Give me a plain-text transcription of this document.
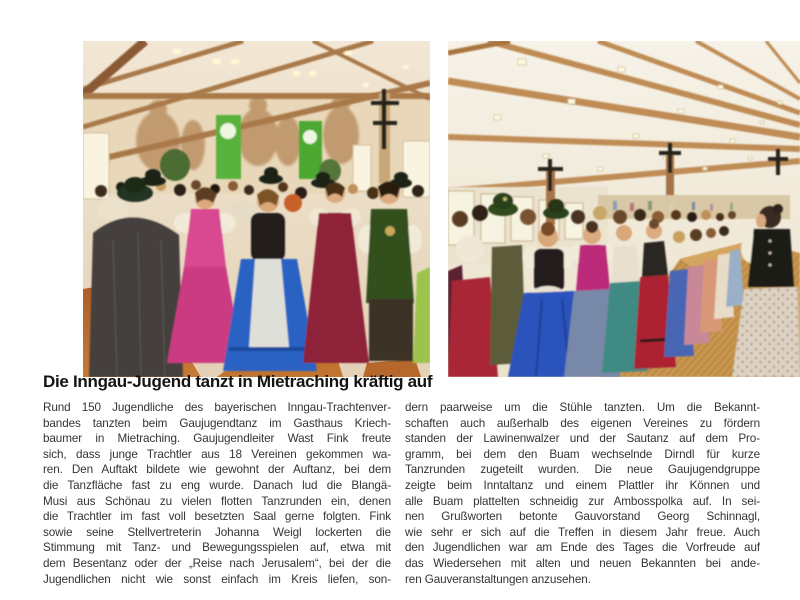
Die Inngau-Jugend tanzt in Mietraching kräftig auf
Rund 150 Jugendliche des bayerischen Inngau-Trachtenver-
bandes tanzten beim Gaujugendtanz im Gasthaus Kriech-
baumer in Mietraching. Gaujugendleiter Wast Fink freute
sich, dass junge Trachtler aus 18 Vereinen gekommen wa-
ren. Den Auftakt bildete wie gewohnt der Auftanz, bei dem
die Tanzfläche fast zu eng wurde. Danach lud die Blangä-
Musi aus Schönau zu vielen flotten Tanzrunden ein, denen
die Trachtler im fast voll besetzten Saal gerne folgten. Fink
sowie seine Stellvertreterin Johanna Weigl lockerten die
Stimmung mit Tanz- und Bewegungsspielen auf, etwa mit
dem Besentanz oder der „Reise nach Jerusalem“, bei der die
Jugendlichen nicht wie sonst einfach im Kreis liefen, son-
dern paarweise um die Stühle tanzten. Um die Bekannt-
schaften auch außerhalb des eigenen Vereines zu fördern
standen der Lawinenwalzer und der Sautanz auf dem Pro-
gramm, bei dem den Buam wechselnde Dirndl für kurze
Tanzrunden zugeteilt wurden. Die neue Gaujugendgruppe
zeigte beim Inntaltanz und einem Plattler ihr Können und
alle Buam plattelten schneidig zur Ambosspolka auf. In sei-
nen Grußworten betonte Gauvorstand Georg Schinnagl,
wie sehr er sich auf die Treffen in diesem Jahr freue. Auch
den Jugendlichen war am Ende des Tages die Vorfreude auf
das Wiedersehen mit alten und neuen Bekannten bei ande-
ren Gauveranstaltungen anzusehen.
